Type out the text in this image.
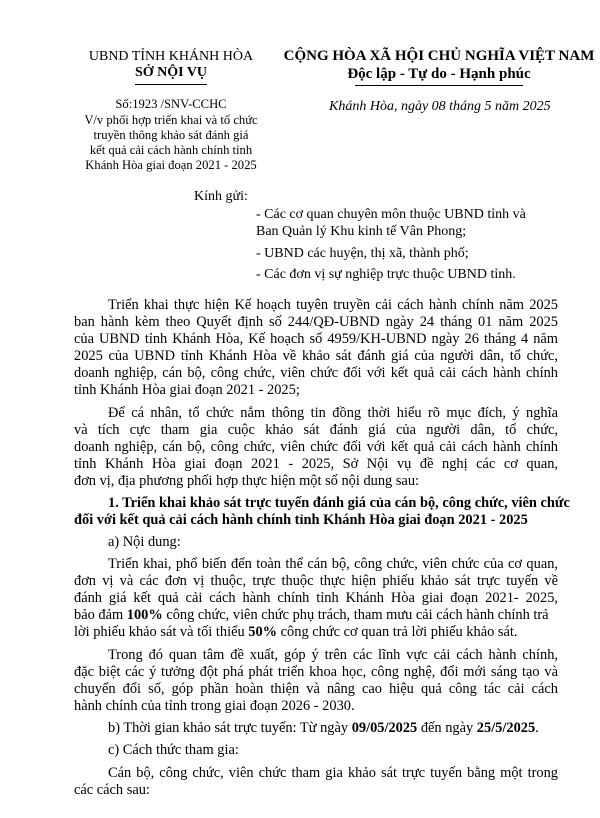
UBND TỈNH KHÁNH HÒA
SỞ NỘI VỤ
Số:1923 /SNV-CCHC
V/v phối hợp triển khai và tổ chức
truyền thông khảo sát đánh giá
kết quả cải cách hành chính tỉnh
Khánh Hòa giai đoạn 2021 - 2025
CỘNG HÒA XÃ HỘI CHỦ NGHĨA VIỆT NAM
Độc lập - Tự do - Hạnh phúc
Khánh Hòa, ngày 08 tháng 5 năm 2025
Kính gửi:
- Các cơ quan chuyên môn thuộc UBND tỉnh và
Ban Quản lý Khu kinh tế Vân Phong;
- UBND các huyện, thị xã, thành phố;
- Các đơn vị sự nghiệp trực thuộc UBND tỉnh.
Triển khai thực hiện Kế hoạch tuyên truyền cải cách hành chính năm 2025
ban hành kèm theo Quyết định số 244/QĐ-UBND ngày 24 tháng 01 năm 2025
của UBND tỉnh Khánh Hòa, Kế hoạch số 4959/KH-UBND ngày 26 tháng 4 năm
2025 của UBND tỉnh Khánh Hòa về khảo sát đánh giá của người dân, tổ chức,
doanh nghiệp, cán bộ, công chức, viên chức đối với kết quả cải cách hành chính
tỉnh Khánh Hòa giai đoạn 2021 - 2025;
Để cá nhân, tổ chức nắm thông tin đồng thời hiểu rõ mục đích, ý nghĩa
và tích cực tham gia cuộc khảo sát đánh giá của người dân, tổ chức,
doanh nghiệp, cán bộ, công chức, viên chức đối với kết quả cải cách hành chính
tỉnh Khánh Hòa giai đoạn 2021 - 2025, Sở Nội vụ đề nghị các cơ quan,
đơn vị, địa phương phối hợp thực hiện một số nội dung sau:
1. Triển khai khảo sát trực tuyến đánh giá của cán bộ, công chức, viên chức
đối với kết quả cải cách hành chính tỉnh Khánh Hòa giai đoạn 2021 - 2025
a) Nội dung:
Triển khai, phổ biến đến toàn thể cán bộ, công chức, viên chức của cơ quan,
đơn vị và các đơn vị thuộc, trực thuộc thực hiện phiếu khảo sát trực tuyến về
đánh giá kết quả cải cách hành chính tỉnh Khánh Hòa giai đoạn 2021- 2025,
bảo đảm 100% công chức, viên chức phụ trách, tham mưu cải cách hành chính trả
lời phiếu khảo sát và tối thiểu 50% công chức cơ quan trả lời phiếu khảo sát.
Trong đó quan tâm đề xuất, góp ý trên các lĩnh vực cải cách hành chính,
đặc biệt các ý tưởng đột phá phát triển khoa học, công nghệ, đổi mới sáng tạo và
chuyển đổi số, góp phần hoàn thiện và nâng cao hiệu quả công tác cải cách
hành chính của tỉnh trong giai đoạn 2026 - 2030.
b) Thời gian khảo sát trực tuyến: Từ ngày 09/05/2025 đến ngày 25/5/2025.
c) Cách thức tham gia:
Cán bộ, công chức, viên chức tham gia khảo sát trực tuyến bằng một trong
các cách sau:
